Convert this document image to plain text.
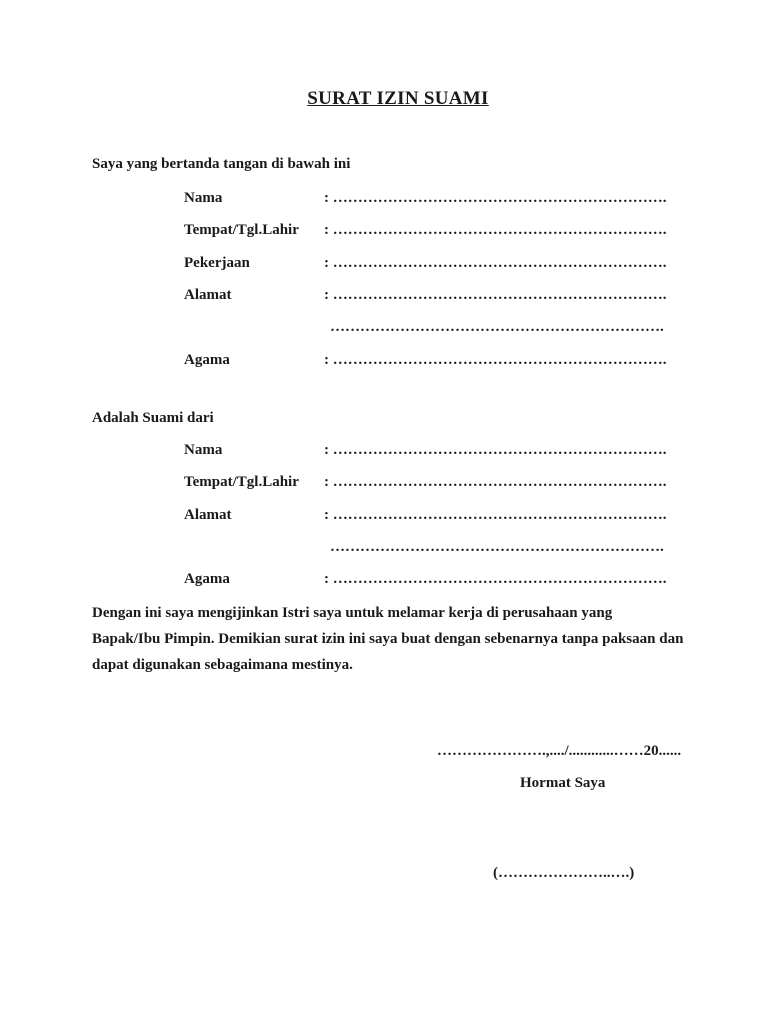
SURAT IZIN SUAMI
Saya yang bertanda tangan di bawah ini
Nama	: ………………………………………………………….
Tempat/Tgl.Lahir : ………………………………………………………….
Pekerjaan	: ………………………………………………………….
Alamat	: ………………………………………………………….
………………………………………………………….
Agama	: ………………………………………………………….
Adalah Suami dari
Nama	: ………………………………………………………….
Tempat/Tgl.Lahir : ………………………………………………………….
Alamat	: ………………………………………………………….
………………………………………………………….
Agama	: ………………………………………………………….
Dengan ini saya mengijinkan Istri saya untuk melamar kerja di perusahaan yang
Bapak/Ibu Pimpin. Demikian surat izin ini saya buat dengan sebenarnya tanpa paksaan dan
dapat digunakan sebagaimana mestinya.
………………….,..../............……20......
Hormat Saya
(…………………..….)
